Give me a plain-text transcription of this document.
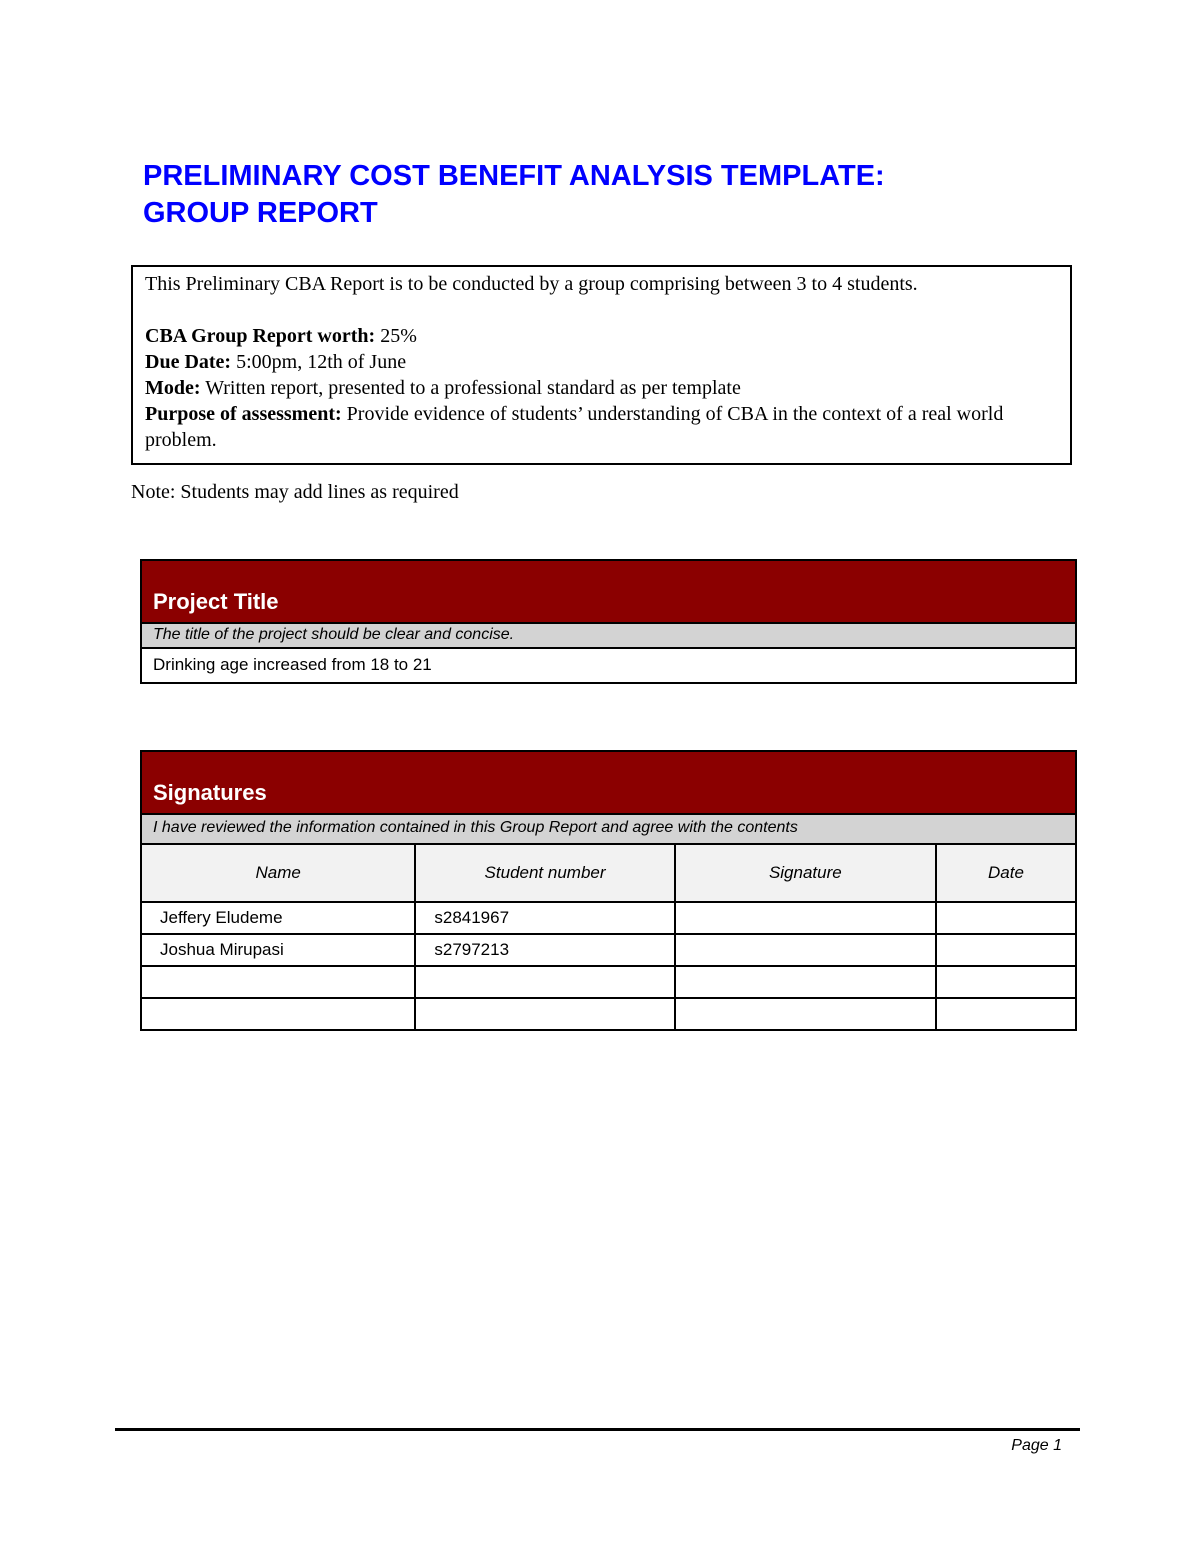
PRELIMINARY COST BENEFIT ANALYSIS TEMPLATE:
GROUP REPORT

This Preliminary CBA Report is to be conducted by a group comprising between 3 to 4 students.

CBA Group Report worth: 25%
Due Date: 5:00pm, 12th of June
Mode: Written report, presented to a professional standard as per template
Purpose of assessment: Provide evidence of students’ understanding of CBA in the context of a real world problem.
Note: Students may add lines as required
Project Title
The title of the project should be clear and concise.
Drinking age increased from 18 to 21
Signatures
I have reviewed the information contained in this Group Report and agree with the contents
Name	Student number	Signature	Date
Jeffery Eludeme	s2841967		
Joshua Mirupasi	s2797213		

Page 1
